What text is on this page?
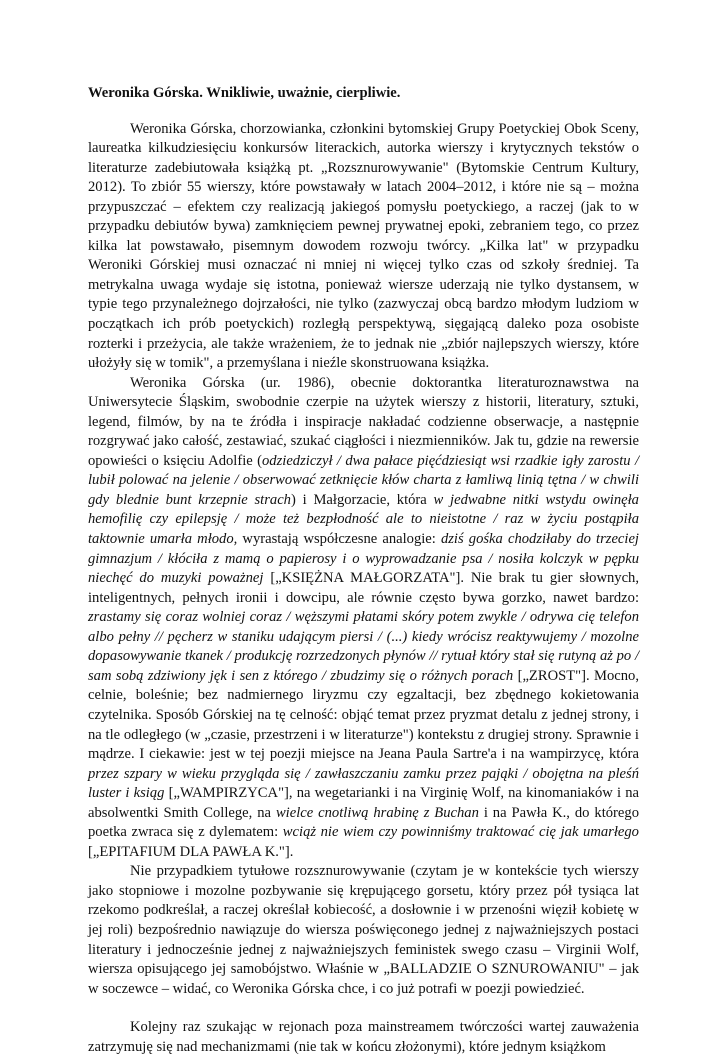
Weronika Górska. Wnikliwie, uważnie, cierpliwie.

Weronika Górska, chorzowianka, członkini bytomskiej Grupy Poetyckiej Obok Sceny, laureatka kilkudziesięciu konkursów literackich, autorka wierszy i krytycznych tekstów o literaturze zadebiutowała książką pt. „Rozsznurowywanie" (Bytomskie Centrum Kultury, 2012). To zbiór 55 wierszy, które powstawały w latach 2004–2012, i które nie są – można przypuszczać – efektem czy realizacją jakiegoś pomysłu poetyckiego, a raczej (jak to w przypadku debiutów bywa) zamknięciem pewnej prywatnej epoki, zebraniem tego, co przez kilka lat powstawało, pisemnym dowodem rozwoju twórcy. „Kilka lat" w przypadku Weroniki Górskiej musi oznaczać ni mniej ni więcej tylko czas od szkoły średniej. Ta metrykalna uwaga wydaje się istotna, ponieważ wiersze uderzają nie tylko dystansem, w typie tego przynależnego dojrzałości, nie tylko (zazwyczaj obcą bardzo młodym ludziom w początkach ich prób poetyckich) rozległą perspektywą, sięgającą daleko poza osobiste rozterki i przeżycia, ale także wrażeniem, że to jednak nie „zbiór najlepszych wierszy, które ułożyły się w tomik", a przemyślana i nieźle skonstruowana książka.

Weronika Górska (ur. 1986), obecnie doktorantka literaturoznawstwa na Uniwersytecie Śląskim, swobodnie czerpie na użytek wierszy z historii, literatury, sztuki, legend, filmów, by na te źródła i inspiracje nakładać codzienne obserwacje, a następnie rozgrywać jako całość, zestawiać, szukać ciągłości i niezmienników. Jak tu, gdzie na rewersie opowieści o księciu Adolfie (odziedziczył / dwa pałace pięćdziesiąt wsi rzadkie igły zarostu / lubił polować na jelenie / obserwować zetknięcie kłów charta z łamliwą linią tętna / w chwili gdy blednie bunt krzepnie strach) i Małgorzacie, która w jedwabne nitki wstydu owinęła hemofilię czy epilepsję / może też bezpłodność ale to nieistotne / raz w życiu postąpiła taktownie umarła młodo, wyrastają współczesne analogie: dziś gośka chodziłaby do trzeciej gimnazjum / kłóciła z mamą o papierosy i o wyprowadzanie psa / nosiła kolczyk w pępku niechęć do muzyki poważnej [„KSIĘŻNA MAŁGORZATA"]. Nie brak tu gier słownych, inteligentnych, pełnych ironii i dowcipu, ale równie często bywa gorzko, nawet bardzo: zrastamy się coraz wolniej coraz / węższymi płatami skóry potem zwykle / odrywa cię telefon albo pełny // pęcherz w staniku udającym piersi / (...) kiedy wrócisz reaktywujemy / mozolne dopasowywanie tkanek / produkcję rozrzedzonych płynów // rytuał który stał się rutyną aż po / sam sobą zdziwiony jęk i sen z którego / zbudzimy się o różnych porach [„ZROST"]. Mocno, celnie, boleśnie; bez nadmiernego liryzmu czy egzaltacji, bez zbędnego kokietowania czytelnika. Sposób Górskiej na tę celność: objąć temat przez pryzmat detalu z jednej strony, i na tle odległego (w „czasie, przestrzeni i w literaturze") kontekstu z drugiej strony. Sprawnie i mądrze. I ciekawie: jest w tej poezji miejsce na Jeana Paula Sartre'a i na wampirzycę, która przez szpary w wieku przygląda się / zawłaszczaniu zamku przez pająki / obojętna na pleśń luster i ksiąg [„WAMPIRZYCA"], na wegetarianki i na Virginię Wolf, na kinomaniaków i na absolwentki Smith College, na wielce cnotliwą hrabinę z Buchan i na Pawła K., do którego poetka zwraca się z dylematem: wciąż nie wiem czy powinniśmy traktować cię jak umarłego [„EPITAFIUM DLA PAWŁA K."].

Nie przypadkiem tytułowe rozsznurowywanie (czytam je w kontekście tych wierszy jako stopniowe i mozolne pozbywanie się krępującego gorsetu, który przez pół tysiąca lat rzekomo podkreślał, a raczej określał kobiecość, a dosłownie i w przenośni więził kobietę w jej roli) bezpośrednio nawiązuje do wiersza poświęconego jednej z najważniejszych postaci literatury i jednocześnie jednej z najważniejszych feministek swego czasu – Virginii Wolf, wiersza opisującego jej samobójstwo. Właśnie w „BALLADZIE O SZNUROWANIU" – jak w soczewce – widać, co Weronika Górska chce, i co już potrafi w poezji powiedzieć.

Kolejny raz szukając w rejonach poza mainstreamem twórczości wartej zauważenia zatrzymuję się nad mechanizmami (nie tak w końcu złożonymi), które jednym książkom
